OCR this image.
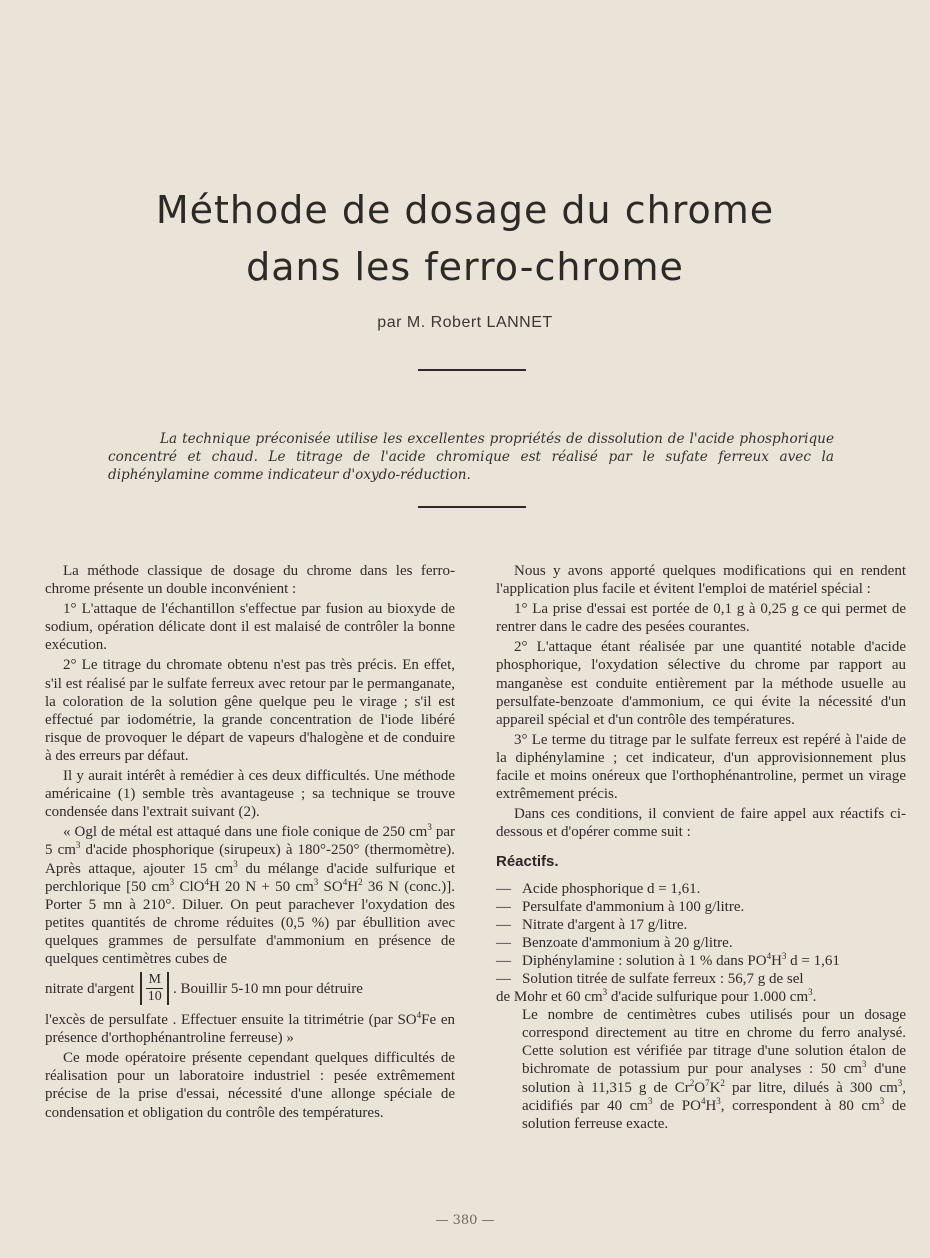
Méthode de dosage du chrome
dans les ferro-chrome
par M. Robert LANNET

La technique préconisée utilise les excellentes propriétés de dissolution de l'acide phosphorique concentré et chaud. Le titrage de l'acide chromique est réalisé par le sufate ferreux avec la diphénylamine comme indicateur d'oxydo-réduction.

La méthode classique de dosage du chrome dans les ferro-chrome présente un double inconvénient :

1° L'attaque de l'échantillon s'effectue par fusion au bioxyde de sodium, opération délicate dont il est malaisé de contrôler la bonne exécution.

2° Le titrage du chromate obtenu n'est pas très précis. En effet, s'il est réalisé par le sulfate ferreux avec retour par le permanganate, la coloration de la solution gêne quelque peu le virage ; s'il est effectué par iodométrie, la grande concentration de l'iode libéré risque de provoquer le départ de vapeurs d'halogène et de conduire à des erreurs par défaut.

Il y aurait intérêt à remédier à ces deux difficultés. Une méthode américaine (1) semble très avantageuse ; sa technique se trouve condensée dans l'extrait suivant (2).

« Ogl de métal est attaqué dans une fiole conique de 250 $cm^3$ par 5 $cm^3$ d'acide phosphorique (sirupeux) à 180°-250° (thermomètre). Après attaque, ajouter 15 $cm^3$ du mélange d'acide sulfurique et perchlorique [50 $cm^3$ ClO$^4$H 20 N + 50 $cm^3$ $SO^4H^2$ 36 N (conc.)]. Porter 5 mn à 210°. Diluer. On peut parachever l'oxydation des petites quantités de chrome réduites (0,5 %) par ébullition avec quelques grammes de persulfate d'ammonium en présence de quelques centimètres cubes de

nitrate d'argent $\frac{M}{10}$ . Bouillir 5-10 mn pour détruire

l'excès de persulfate . Effectuer ensuite la titrimétrie (par $SO^4Fe$ en présence d'orthophénantroline ferreuse) »

Ce mode opératoire présente cependant quelques difficultés de réalisation pour un laboratoire industriel : pesée extrêmement précise de la prise d'essai, nécessité d'une allonge spéciale de condensation et obligation du contrôle des températures.

Nous y avons apporté quelques modifications qui en rendent l'application plus facile et évitent l'emploi de matériel spécial :

1° La prise d'essai est portée de 0,1 g à 0,25 g ce qui permet de rentrer dans le cadre des pesées courantes.

2° L'attaque étant réalisée par une quantité notable d'acide phosphorique, l'oxydation sélective du chrome par rapport au manganèse est conduite entièrement par la méthode usuelle au persulfate-benzoate d'ammonium, ce qui évite la nécessité d'un appareil spécial et d'un contrôle des températures.

3° Le terme du titrage par le sulfate ferreux est repéré à l'aide de la diphénylamine ; cet indicateur, d'un approvisionnement plus facile et moins onéreux que l'orthophénantroline, permet un virage extrêmement précis.

Dans ces conditions, il convient de faire appel aux réactifs ci-dessous et d'opérer comme suit :

Réactifs.
— Acide phosphorique d = 1,61.
— Persulfate d'ammonium à 100 g/litre.
— Nitrate d'argent à 17 g/litre.
— Benzoate d'ammonium à 20 g/litre.
— Diphénylamine : solution à 1 % dans $PO^4H^3$ d = 1,61
— Solution titrée de sulfate ferreux : 56,7 g de sel
de Mohr et 60 $cm^3$ d'acide sulfurique pour 1.000 $cm^3$.

Le nombre de centimètres cubes utilisés pour un dosage correspond directement au titre en chrome du ferro analysé. Cette solution est vérifiée par titrage d'une solution étalon de bichromate de potassium pur pour analyses : 50 $cm^3$ d'une solution à 11,315 g de $Cr^2O^7K^2$ par litre, dilués à 300 $cm^3$, acidifiés par 40 $cm^3$ de $PO^4H^3$, correspondent à 80 $cm^3$ de solution ferreuse exacte.

— 380 —
